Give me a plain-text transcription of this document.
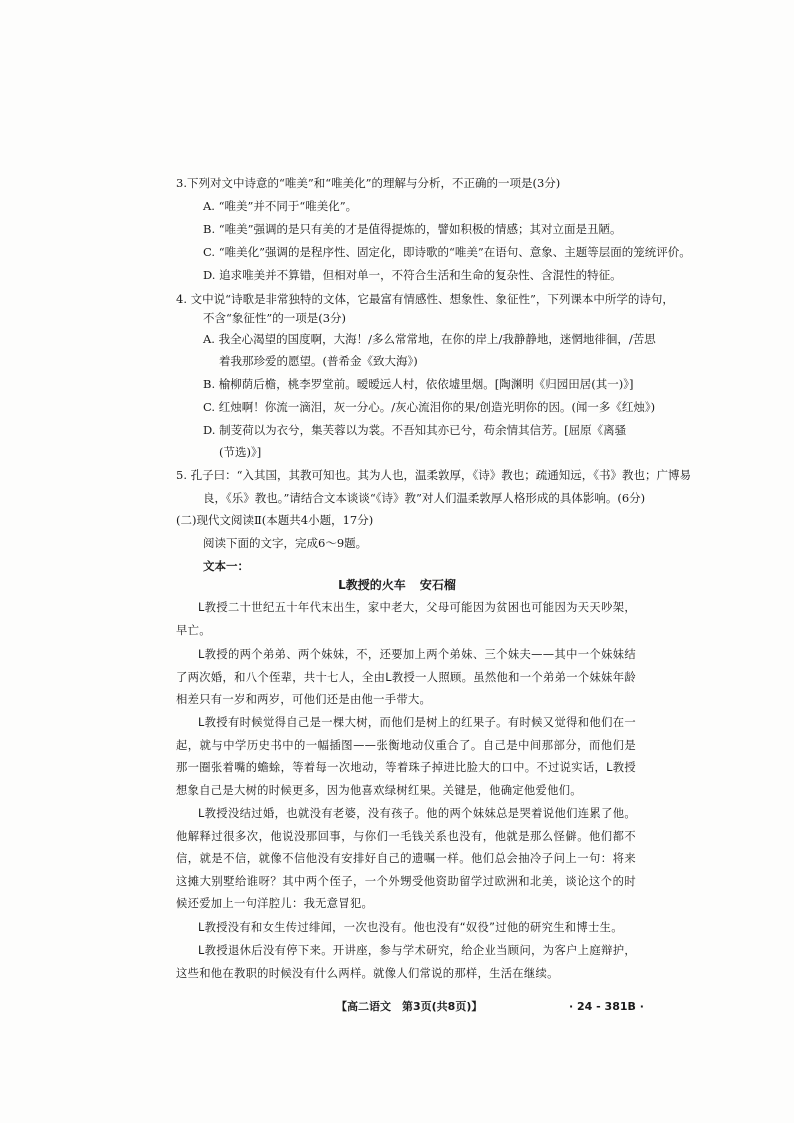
3.下列对文中诗意的“唯美”和“唯美化”的理解与分析，不正确的一项是(3分)
A. “唯美”并不同于“唯美化”。
B. “唯美”强调的是只有美的才是值得提炼的，譬如积极的情感；其对立面是丑陋。
C. “唯美化”强调的是程序性、固定化，即诗歌的“唯美”在语句、意象、主题等层面的笼统评价。
D. 追求唯美并不算错，但相对单一，不符合生活和生命的复杂性、含混性的特征。
4. 文中说“诗歌是非常独特的文体，它最富有情感性、想象性、象征性”，下列课本中所学的诗句，
不含“象征性”的一项是(3分)
A. 我全心渴望的国度啊，大海！/多么常常地，在你的岸上/我静静地，迷惘地徘徊，/苦思
着我那珍爱的愿望。(普希金《致大海》)
B. 榆柳荫后檐，桃李罗堂前。暧暧远人村，依依墟里烟。[陶渊明《归园田居(其一)》]
C. 红烛啊！你流一滴泪，灰一分心。/灰心流泪你的果/创造光明你的因。(闻一多《红烛》)
D. 制芰荷以为衣兮，集芙蓉以为裳。不吾知其亦已兮，苟余情其信芳。[屈原《离骚
(节选)》]
5. 孔子曰：“入其国，其教可知也。其为人也，温柔敦厚，《诗》教也；疏通知远，《书》教也；广博易
良，《乐》教也。”请结合文本谈谈“《诗》教”对人们温柔敦厚人格形成的具体影响。(6分)
(二)现代文阅读Ⅱ(本题共4小题，17分)
阅读下面的文字，完成6～9题。
文本一：
L教授的火车 安石榴
L教授二十世纪五十年代末出生，家中老大，父母可能因为贫困也可能因为天天吵架，早亡。
L教授的两个弟弟、两个妹妹，不，还要加上两个弟妹、三个妹夫——其中一个妹妹结了两次婚，和八个侄辈，共十七人，全由L教授一人照顾。虽然他和一个弟弟一个妹妹年龄相差只有一岁和两岁，可他们还是由他一手带大。
L教授有时候觉得自己是一棵大树，而他们是树上的红果子。有时候又觉得和他们在一起，就与中学历史书中的一幅插图——张衡地动仪重合了。自己是中间那部分，而他们是那一圈张着嘴的蟾蜍，等着每一次地动，等着珠子掉进比脸大的口中。不过说实话，L教授想象自己是大树的时候更多，因为他喜欢绿树红果。关键是，他确定他爱他们。
L教授没结过婚，也就没有老婆，没有孩子。他的两个妹妹总是哭着说他们连累了他。他解释过很多次，他说没那回事，与你们一毛钱关系也没有，他就是那么怪僻。他们都不信，就是不信，就像不信他没有安排好自己的遗嘱一样。他们总会抽冷子问上一句：将来这摊大别墅给谁呀？其中两个侄子，一个外甥受他资助留学过欧洲和北美，谈论这个的时候还爱加上一句洋腔儿：我无意冒犯。
L教授没有和女生传过绯闻，一次也没有。他也没有“奴役”过他的研究生和博士生。
L教授退休后没有停下来。开讲座，参与学术研究，给企业当顾问，为客户上庭辩护，这些和他在教职的时候没有什么两样。就像人们常说的那样，生活在继续。
【高二语文　第3页(共8页)】	· 24 - 381B ·
